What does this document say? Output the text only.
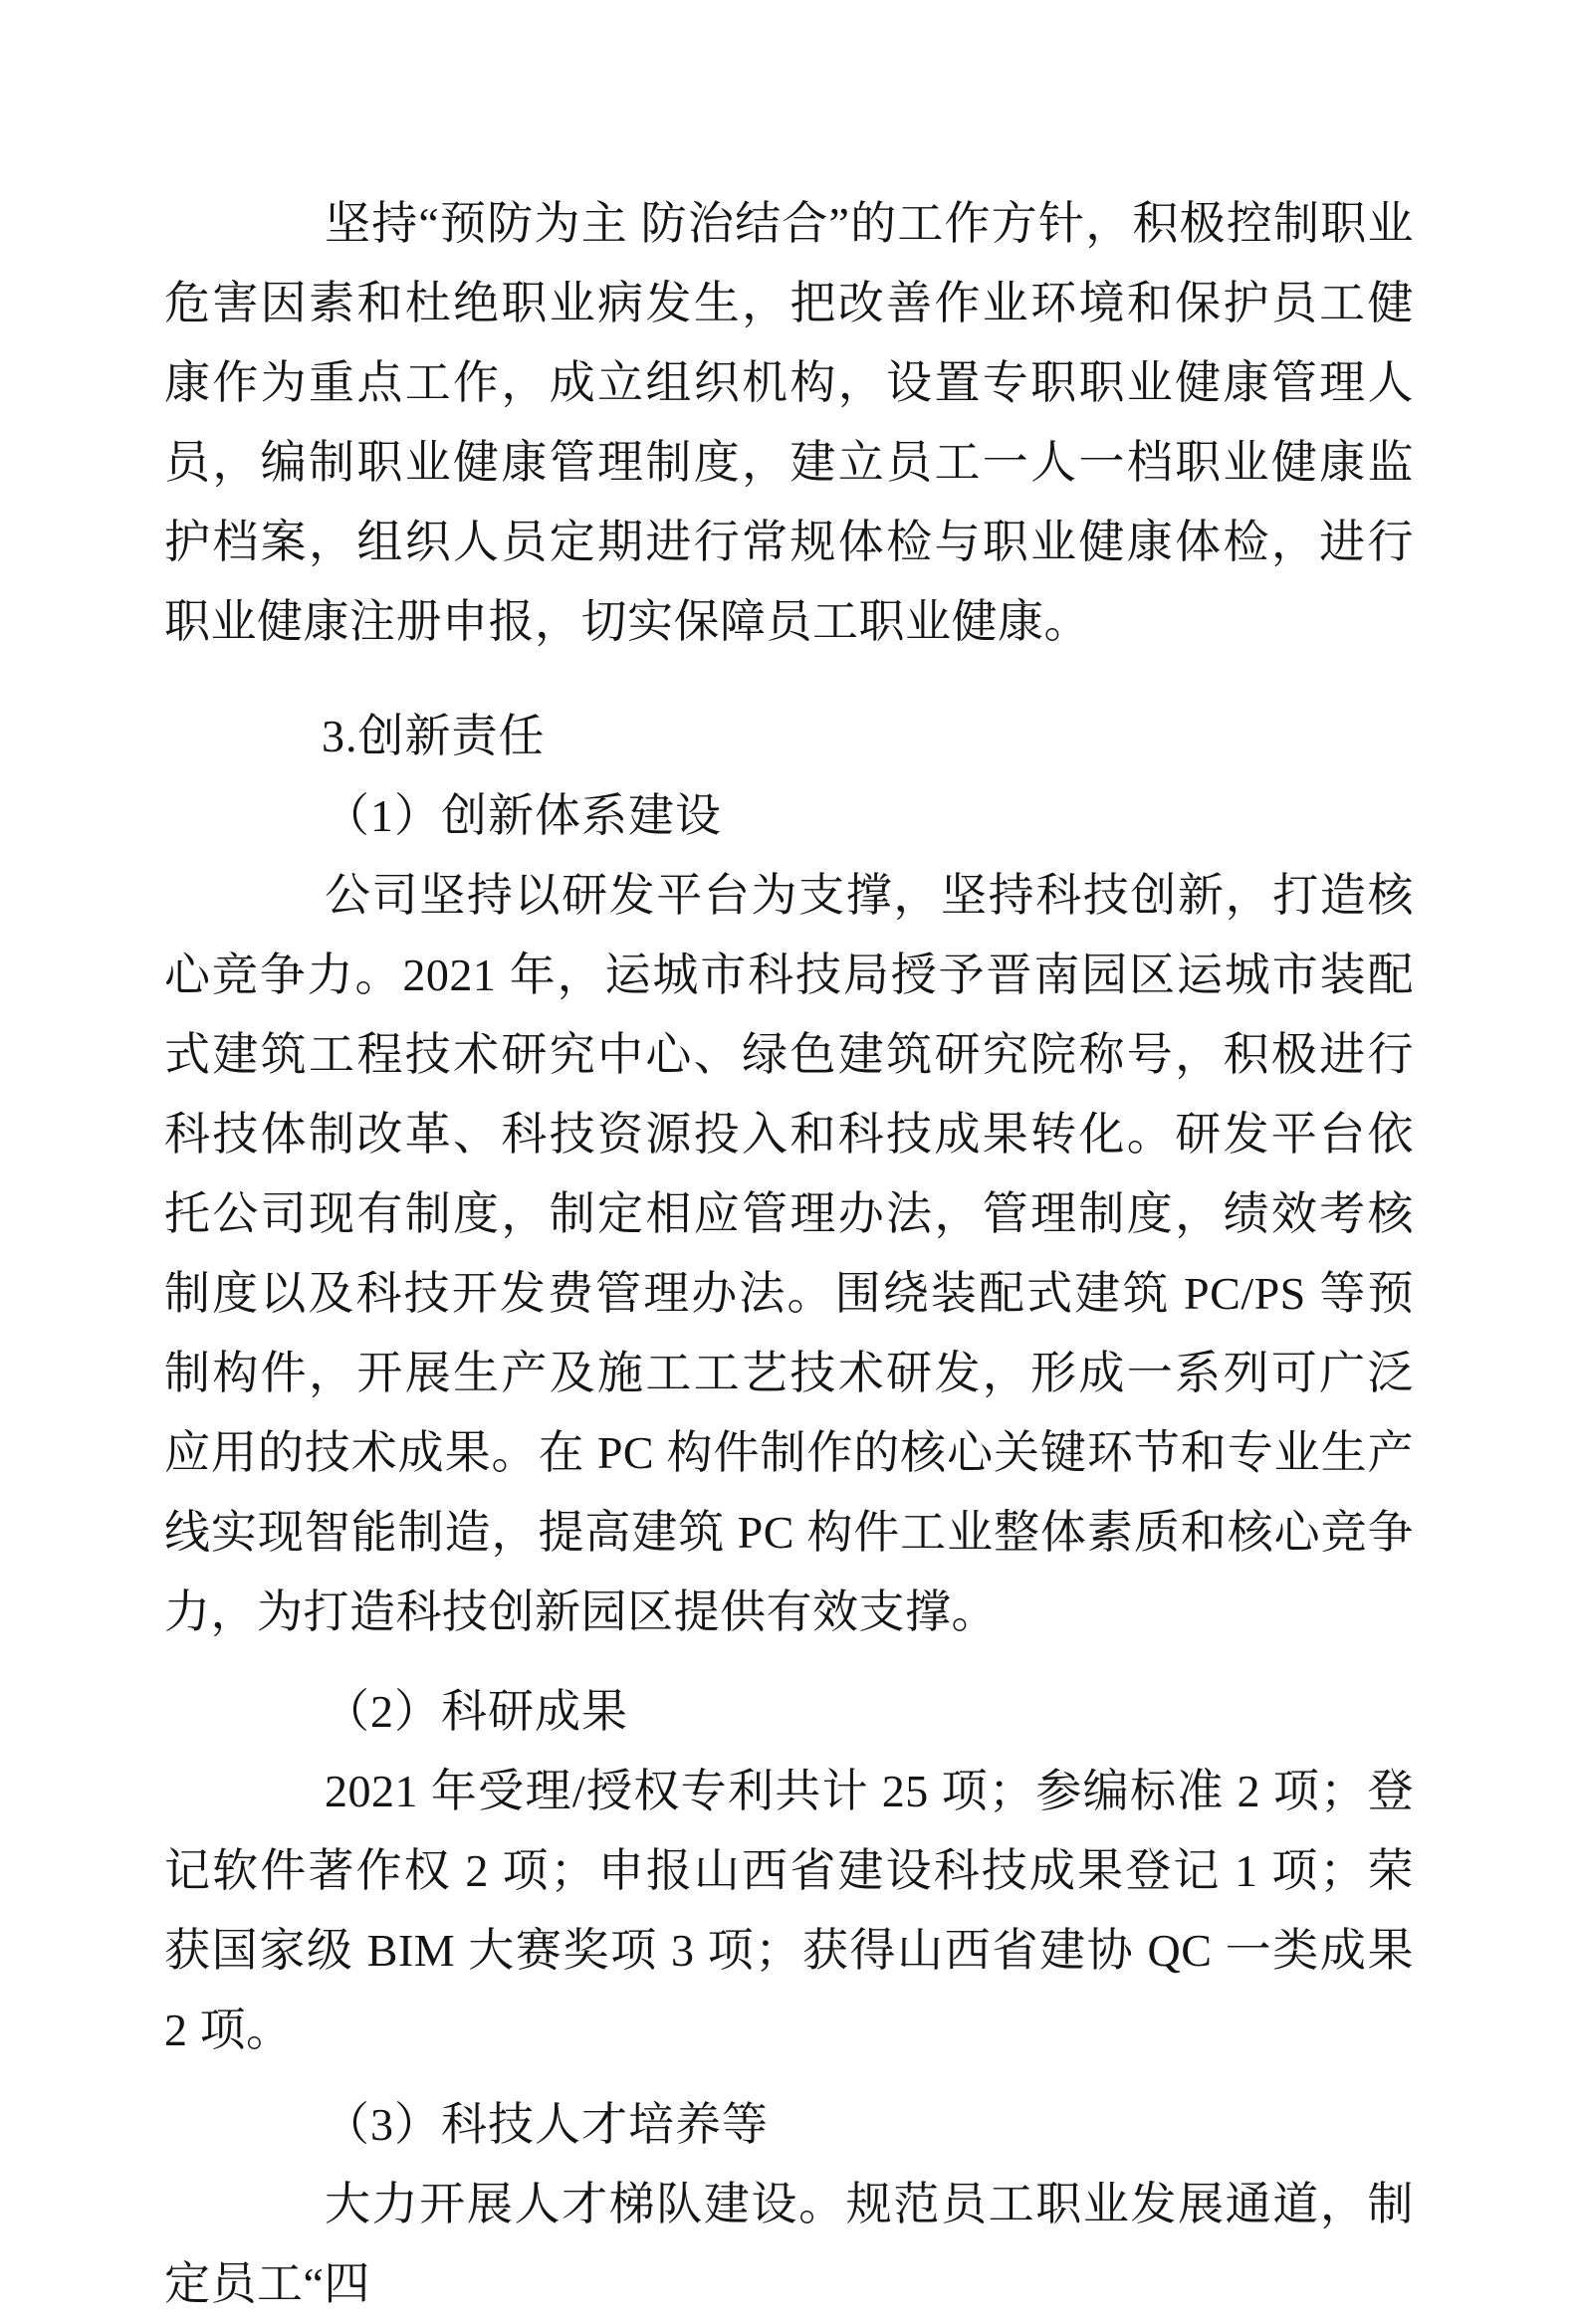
坚持“预防为主 防治结合”的工作方针，积极控制职业危害因素和杜绝职业病发生，把改善作业环境和保护员工健康作为重点工作，成立组织机构，设置专职职业健康管理人员，编制职业健康管理制度，建立员工一人一档职业健康监护档案，组织人员定期进行常规体检与职业健康体检，进行职业健康注册申报，切实保障员工职业健康。

3.创新责任
（1）创新体系建设

公司坚持以研发平台为支撑，坚持科技创新，打造核心竞争力。2021 年，运城市科技局授予晋南园区运城市装配式建筑工程技术研究中心、绿色建筑研究院称号，积极进行科技体制改革、科技资源投入和科技成果转化。研发平台依托公司现有制度，制定相应管理办法，管理制度，绩效考核制度以及科技开发费管理办法。围绕装配式建筑 PC/PS 等预制构件，开展生产及施工工艺技术研发，形成一系列可广泛应用的技术成果。在 PC 构件制作的核心关键环节和专业生产线实现智能制造，提高建筑 PC 构件工业整体素质和核心竞争力，为打造科技创新园区提供有效支撑。

（2）科研成果

2021 年受理/授权专利共计 25 项；参编标准 2 项；登记软件著作权 2 项；申报山西省建设科技成果登记 1 项；荣获国家级 BIM 大赛奖项 3 项；获得山西省建协 QC 一类成果 2 项。

（3）科技人才培养等

大力开展人才梯队建设。规范员工职业发展通道，制定员工“四
